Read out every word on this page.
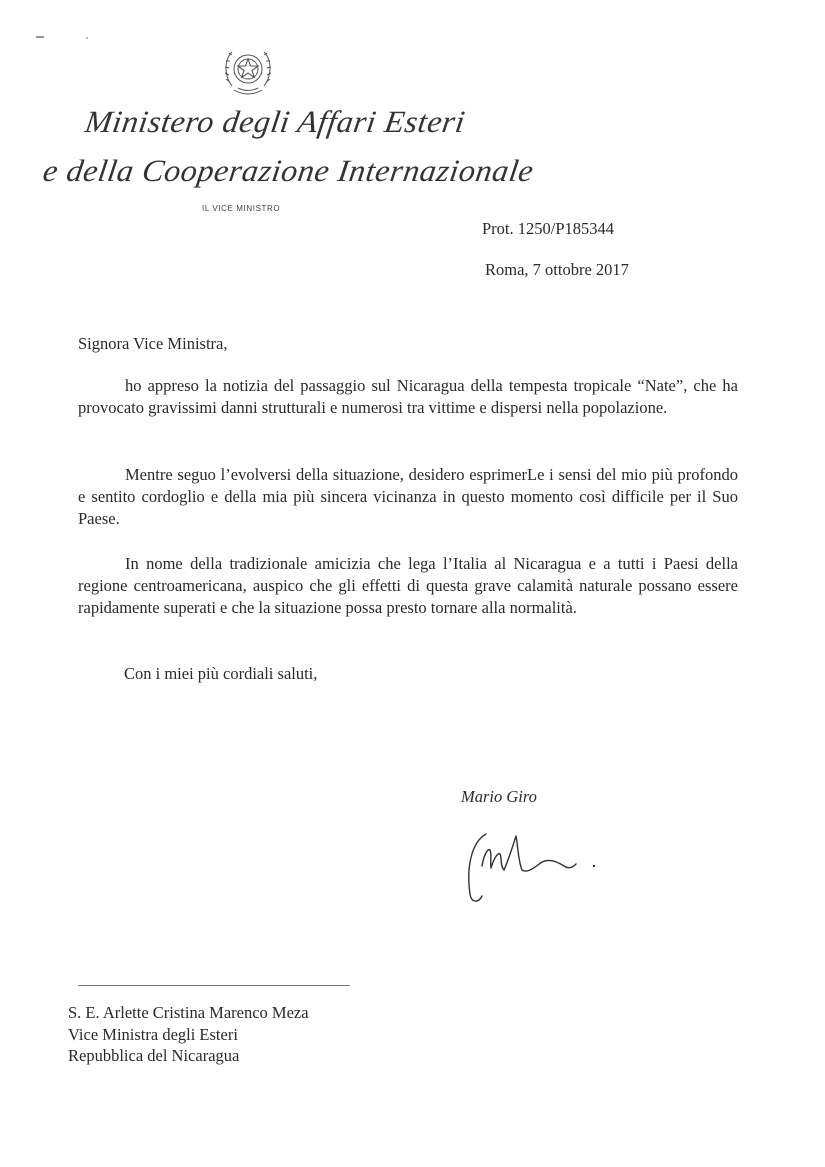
Ministero degli Affari Esteri
e della Cooperazione Internazionale
IL VICE MINISTRO
Prot. 1250/P185344
Roma, 7 ottobre 2017
Signora Vice Ministra,

ho appreso la notizia del passaggio sul Nicaragua della tempesta tropicale “Nate”, che ha provocato gravissimi danni strutturali e numerosi tra vittime e dispersi nella popolazione.

Mentre seguo l’evolversi della situazione, desidero esprimerLe i sensi del mio più profondo e sentito cordoglio e della mia più sincera vicinanza in questo momento così difficile per il Suo Paese.

In nome della tradizionale amicizia che lega l’Italia al Nicaragua e a tutti i Paesi della regione centroamericana, auspico che gli effetti di questa grave calamità naturale possano essere rapidamente superati e che la situazione possa presto tornare alla normalità.

Con i miei più cordiali saluti,
Mario Giro
S. E. Arlette Cristina Marenco Meza
Vice Ministra degli Esteri
Repubblica del Nicaragua
